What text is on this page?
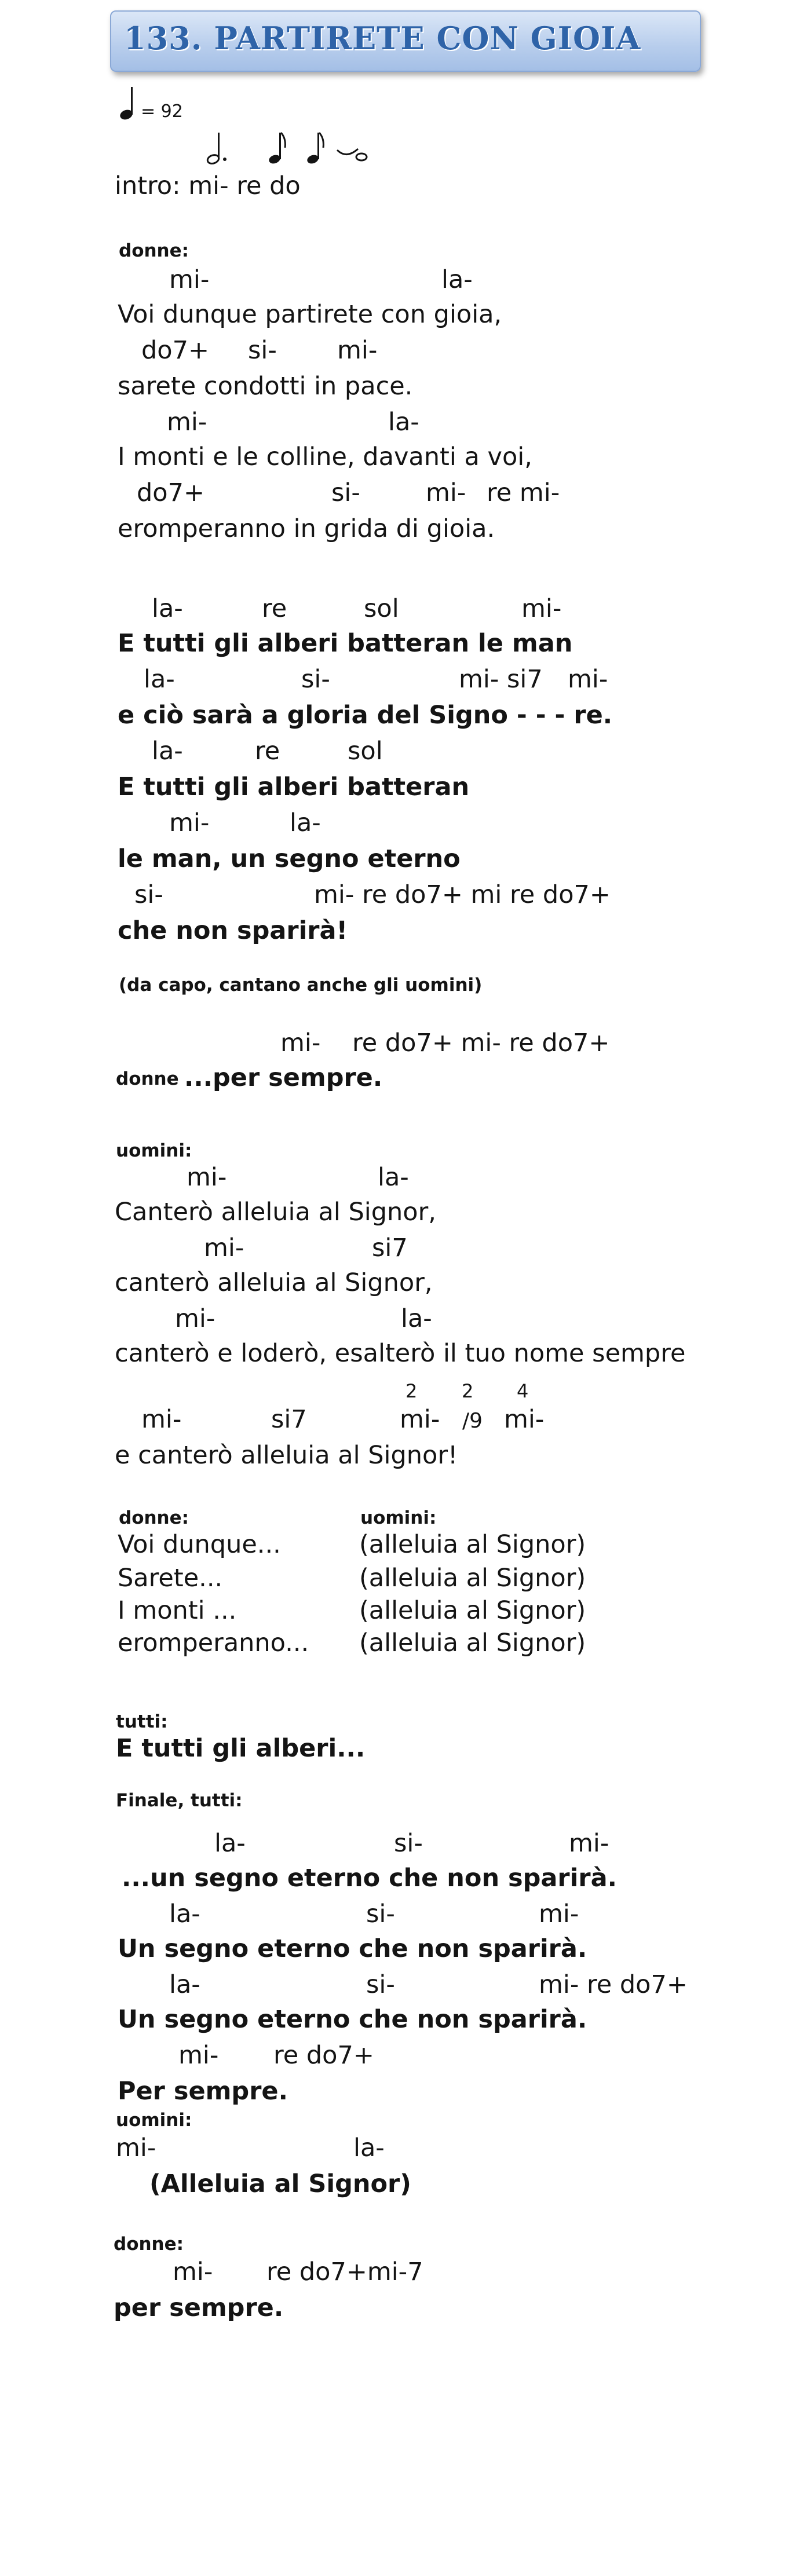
133. PARTIRETE CON GIOIA
= 92
intro: mi- re do
donne:
mi-	la-
Voi dunque partirete con gioia,
do7+ si- mi-
sarete condotti in pace.
mi-	la-
I monti e le colline, davanti a voi,
do7+	si-	mi- re mi-
eromperanno in grida di gioia.
la-	re	sol	mi-
E tutti gli alberi batteran le man
la-	si-	mi- si7 mi-
e ciò sarà a gloria del Signo - - - re.
la-	re	sol
E tutti gli alberi batteran
mi-	la-
le man, un segno eterno
si-	mi- re do7+ mi re do7+
che non sparirà!
(da capo, cantano anche gli uomini)
mi-    re do7+ mi- re do7+
donne ...per sempre.
uomini:
mi-	la-
Canterò alleluia al Signor,
mi-	si7
canterò alleluia al Signor,
mi-	la-
canterò e loderò, esalterò il tuo nome sempre
2 2 4
mi-	si7	mi- /9 mi-
e canterò alleluia al Signor!
donne:	uomini:
Voi dunque...	(alleluia al Signor)
Sarete...	(alleluia al Signor)
I monti ...	(alleluia al Signor)
eromperanno... (alleluia al Signor)
tutti:
E tutti gli alberi...
Finale, tutti:
la-	si-	mi-
...un segno eterno che non sparirà.
la-	si-	mi-
Un segno eterno che non sparirà.
la-	si-	mi- re do7+
Un segno eterno che non sparirà.
mi- re do7+
Per sempre.
uomini:
mi-	la-
(Alleluia al Signor)
donne:
mi- re do7+mi-7
per sempre.
